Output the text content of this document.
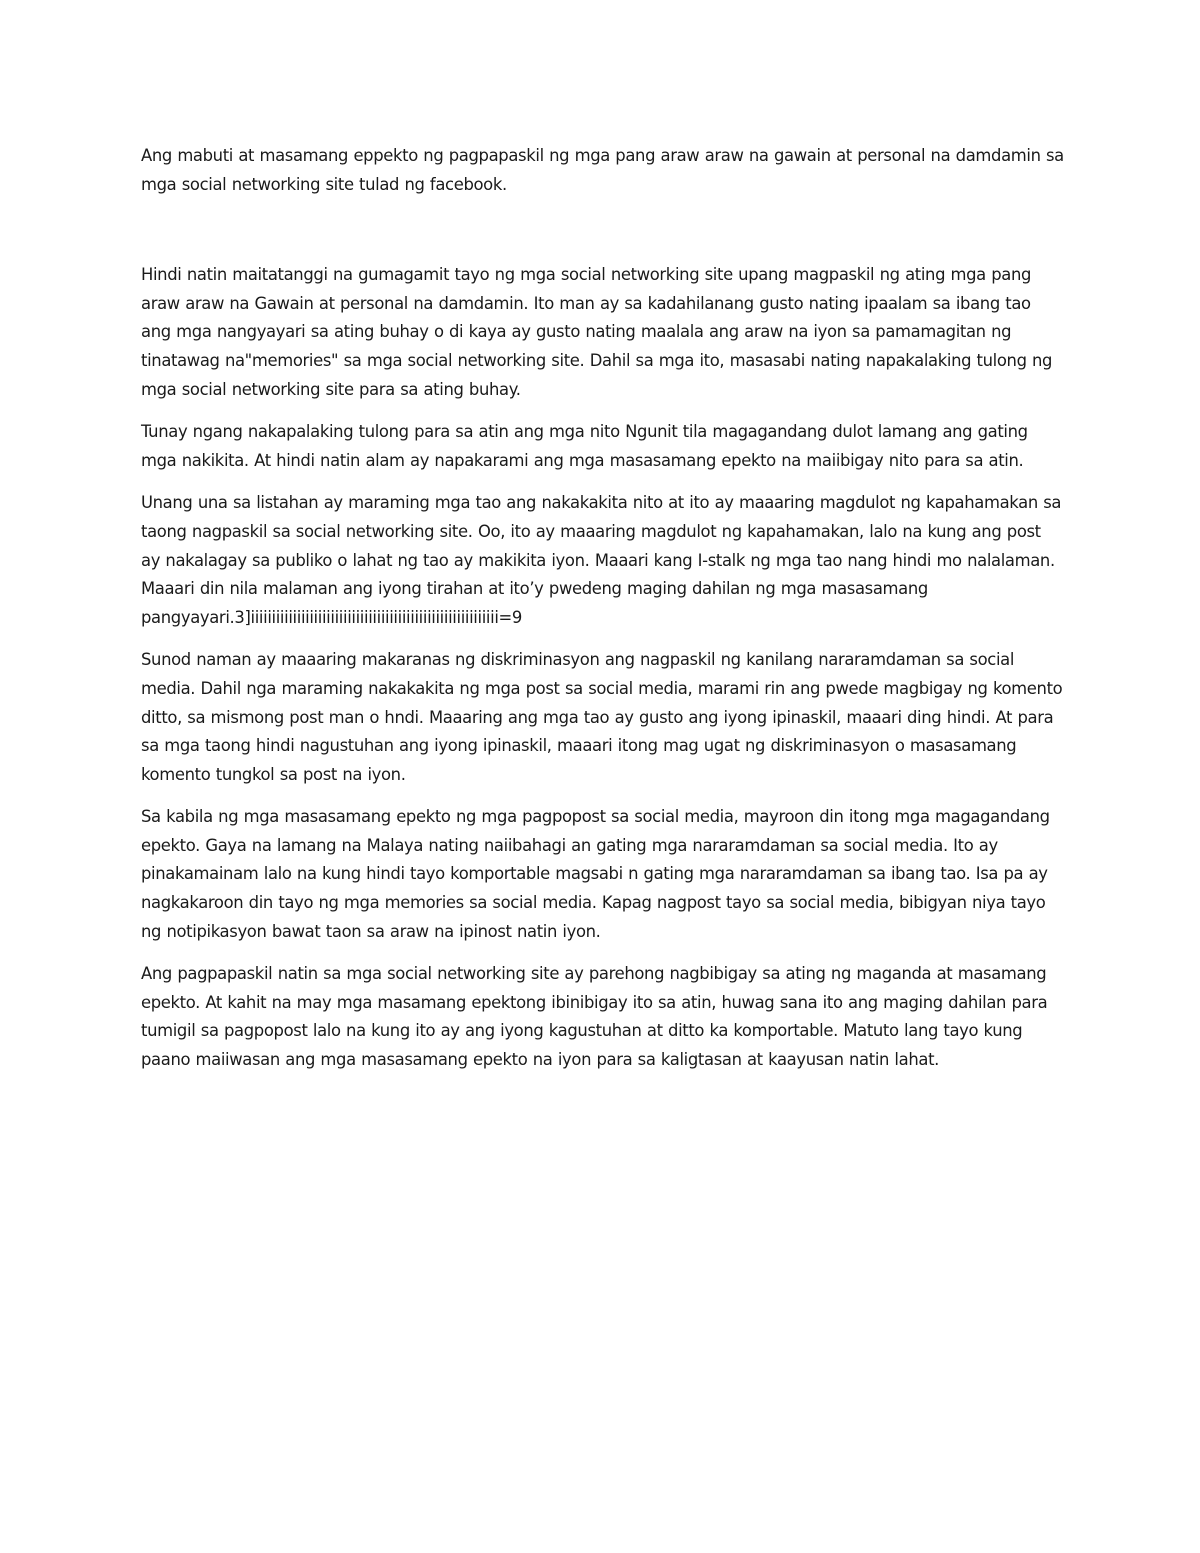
Ang mabuti at masamang eppekto ng pagpapaskil ng mga pang araw araw na gawain at personal na damdamin sa mga social networking site tulad ng facebook.

Hindi natin maitatanggi na gumagamit tayo ng mga social networking site upang magpaskil ng ating mga pang araw araw na Gawain at personal na damdamin. Ito man ay sa kadahilanang gusto nating ipaalam sa ibang tao ang mga nangyayari sa ating buhay o di kaya ay gusto nating maalala ang araw na iyon sa pamamagitan ng tinatawag na"memories" sa mga social networking site. Dahil sa mga ito, masasabi nating napakalaking tulong ng mga social networking site para sa ating buhay.

Tunay ngang nakapalaking tulong para sa atin ang mga nito Ngunit tila magagandang dulot lamang ang gating mga nakikita. At hindi natin alam ay napakarami ang mga masasamang epekto na maiibigay nito para sa atin.

Unang una sa listahan ay maraming mga tao ang nakakakita nito at ito ay maaaring magdulot ng kapahamakan sa taong nagpaskil sa social networking site. Oo, ito ay maaaring magdulot ng kapahamakan, lalo na kung ang post ay nakalagay sa publiko o lahat ng tao ay makikita iyon. Maaari kang I-stalk ng mga tao nang hindi mo nalalaman. Maaari din nila malaman ang iyong tirahan at ito’y pwedeng maging dahilan ng mga masasamang pangyayari.3]iiiiiiiiiiiiiiiiiiiiiiiiiiiiiiiiiiiiiiiiiiiiiiiiiiiiiiiiiii=9

Sunod naman ay maaaring makaranas ng diskriminasyon ang nagpaskil ng kanilang nararamdaman sa social media. Dahil nga maraming nakakakita ng mga post sa social media, marami rin ang pwede magbigay ng komento ditto, sa mismong post man o hndi. Maaaring ang mga tao ay gusto ang iyong ipinaskil, maaari ding hindi. At para sa mga taong hindi nagustuhan ang iyong ipinaskil, maaari itong mag ugat ng diskriminasyon o masasamang komento tungkol sa post na iyon.

Sa kabila ng mga masasamang epekto ng mga pagpopost sa social media, mayroon din itong mga magagandang epekto. Gaya na lamang na Malaya nating naiibahagi an gating mga nararamdaman sa social media. Ito ay pinakamainam lalo na kung hindi tayo komportable magsabi n gating mga nararamdaman sa ibang tao. Isa pa ay nagkakaroon din tayo ng mga memories sa social media. Kapag nagpost tayo sa social media, bibigyan niya tayo ng notipikasyon bawat taon sa araw na ipinost natin iyon.

Ang pagpapaskil natin sa mga social networking site ay parehong nagbibigay sa ating ng maganda at masamang epekto. At kahit na may mga masamang epektong ibinibigay ito sa atin, huwag sana ito ang maging dahilan para tumigil sa pagpopost lalo na kung ito ay ang iyong kagustuhan at ditto ka komportable. Matuto lang tayo kung paano maiiwasan ang mga masasamang epekto na iyon para sa kaligtasan at kaayusan natin lahat.
